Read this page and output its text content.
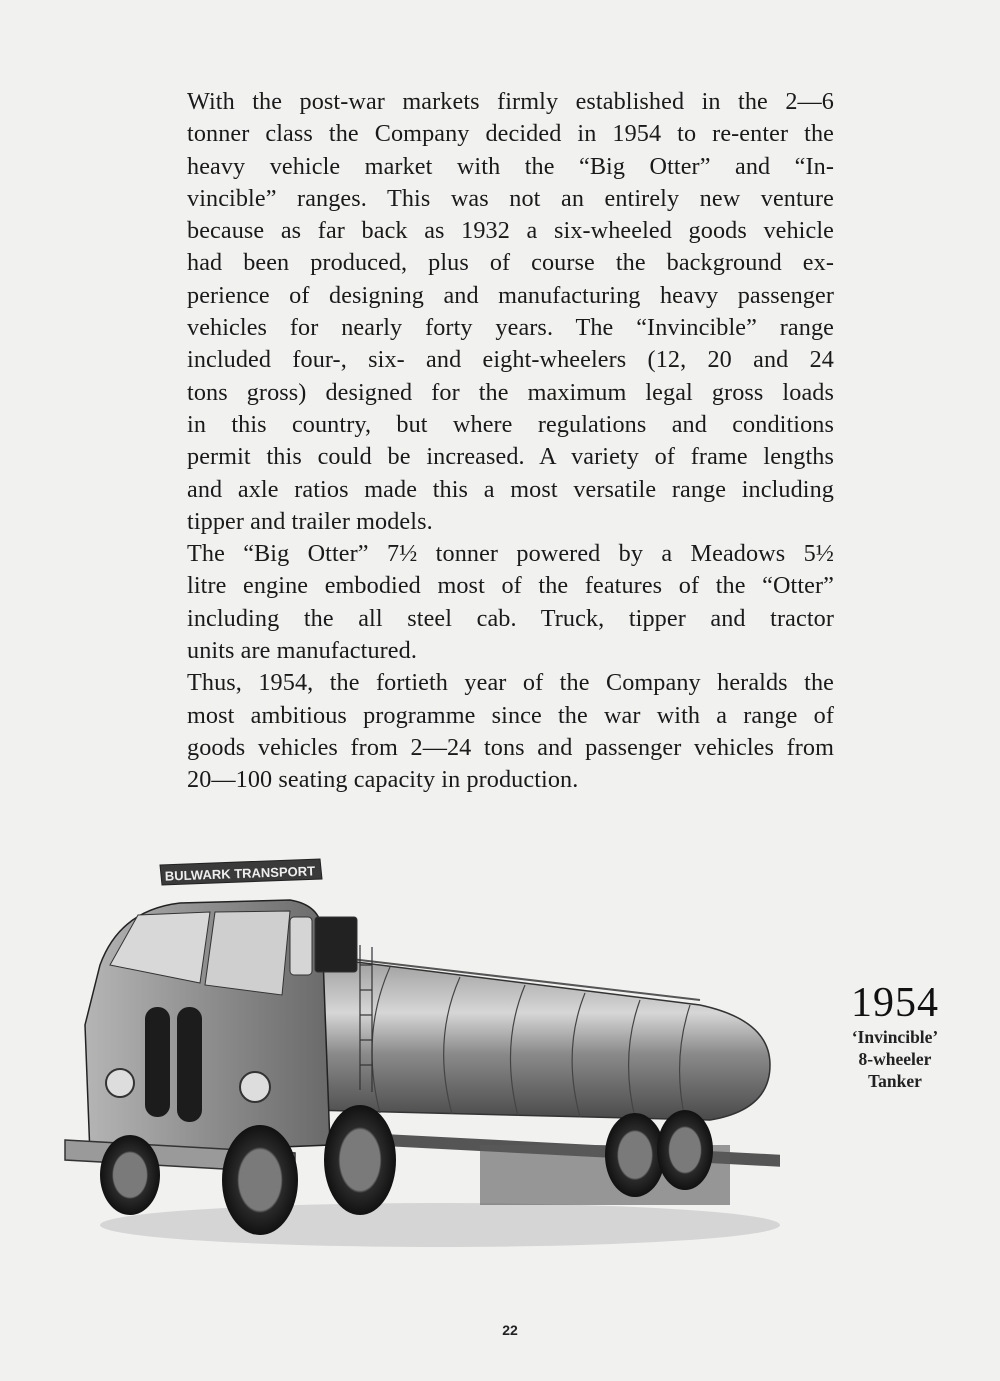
With the post-war markets firmly established in the 2—6
tonner class the Company decided in 1954 to re-enter the
heavy vehicle market with the “Big Otter” and “In-
vincible” ranges. This was not an entirely new venture
because as far back as 1932 a six-wheeled goods vehicle
had been produced, plus of course the background ex-
perience of designing and manufacturing heavy passenger
vehicles for nearly forty years. The “Invincible” range
included four-, six- and eight-wheelers (12, 20 and 24
tons gross) designed for the maximum legal gross loads
in this country, but where regulations and conditions
permit this could be increased. A variety of frame lengths
and axle ratios made this a most versatile range including
tipper and trailer models.

The “Big Otter” 7½ tonner powered by a Meadows 5½
litre engine embodied most of the features of the “Otter”
including the all steel cab. Truck, tipper and tractor
units are manufactured.

Thus, 1954, the fortieth year of the Company heralds the
most ambitious programme since the war with a range of
goods vehicles from 2—24 tons and passenger vehicles from
20—100 seating capacity in production.

BULWARK TRANSPORT
1954
‘Invincible’
8-wheeler
Tanker
22
